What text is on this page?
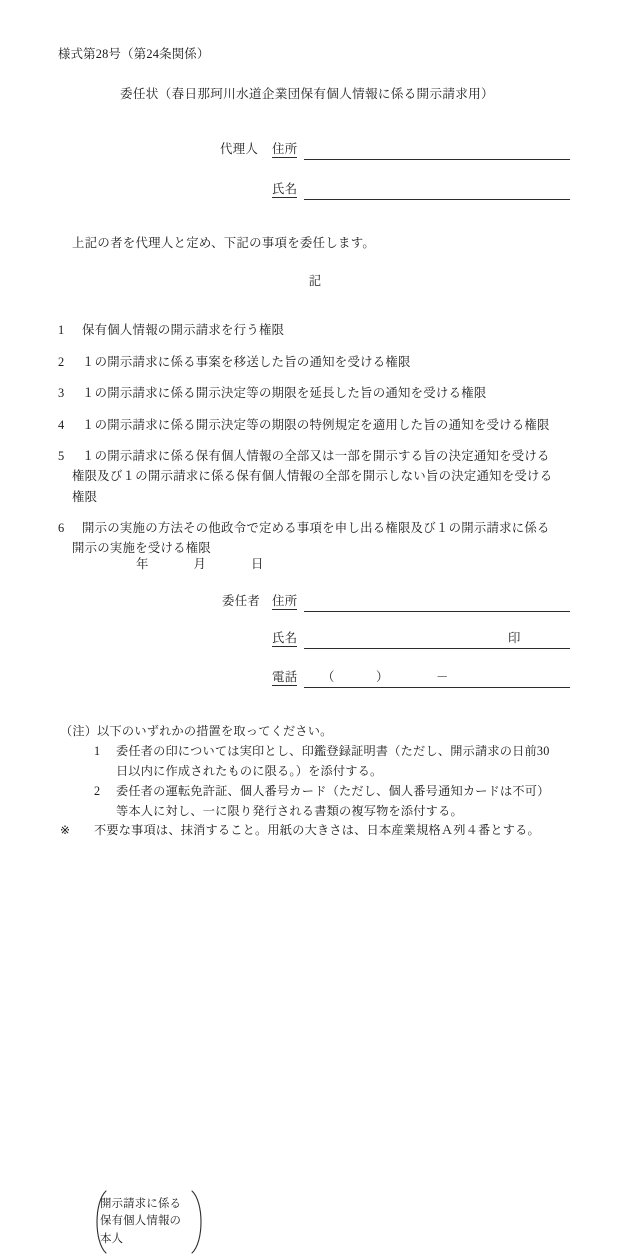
様式第28号（第24条関係）
委任状（春日那珂川水道企業団保有個人情報に係る開示請求用）
代理人 住所
氏名
上記の者を代理人と定め、下記の事項を委任します。
記
1	保有個人情報の開示請求を行う権限
2	１の開示請求に係る事案を移送した旨の通知を受ける権限
3	１の開示請求に係る開示決定等の期限を延長した旨の通知を受ける権限
4	１の開示請求に係る開示決定等の期限の特例規定を適用した旨の通知を受ける権限
5	１の開示請求に係る保有個人情報の全部又は一部を開示する旨の決定通知を受ける
権限及び１の開示請求に係る保有個人情報の全部を開示しない旨の決定通知を受ける
権限
6	開示の実施の方法その他政令で定める事項を申し出る権限及び１の開示請求に係る
開示の実施を受ける権限
年	月	日
開示請求に係る
保有個人情報の
本人
委任者 住所
氏名	印
電話 （	）	－
（注）以下のいずれかの措置を取ってください。
1	委任者の印については実印とし、印鑑登録証明書（ただし、開示請求の日前30
日以内に作成されたものに限る。）を添付する。
2	委任者の運転免許証、個人番号カード（ただし、個人番号通知カードは不可）
等本人に対し、一に限り発行される書類の複写物を添付する。
※ 不要な事項は、抹消すること。用紙の大きさは、日本産業規格Ａ列４番とする。
